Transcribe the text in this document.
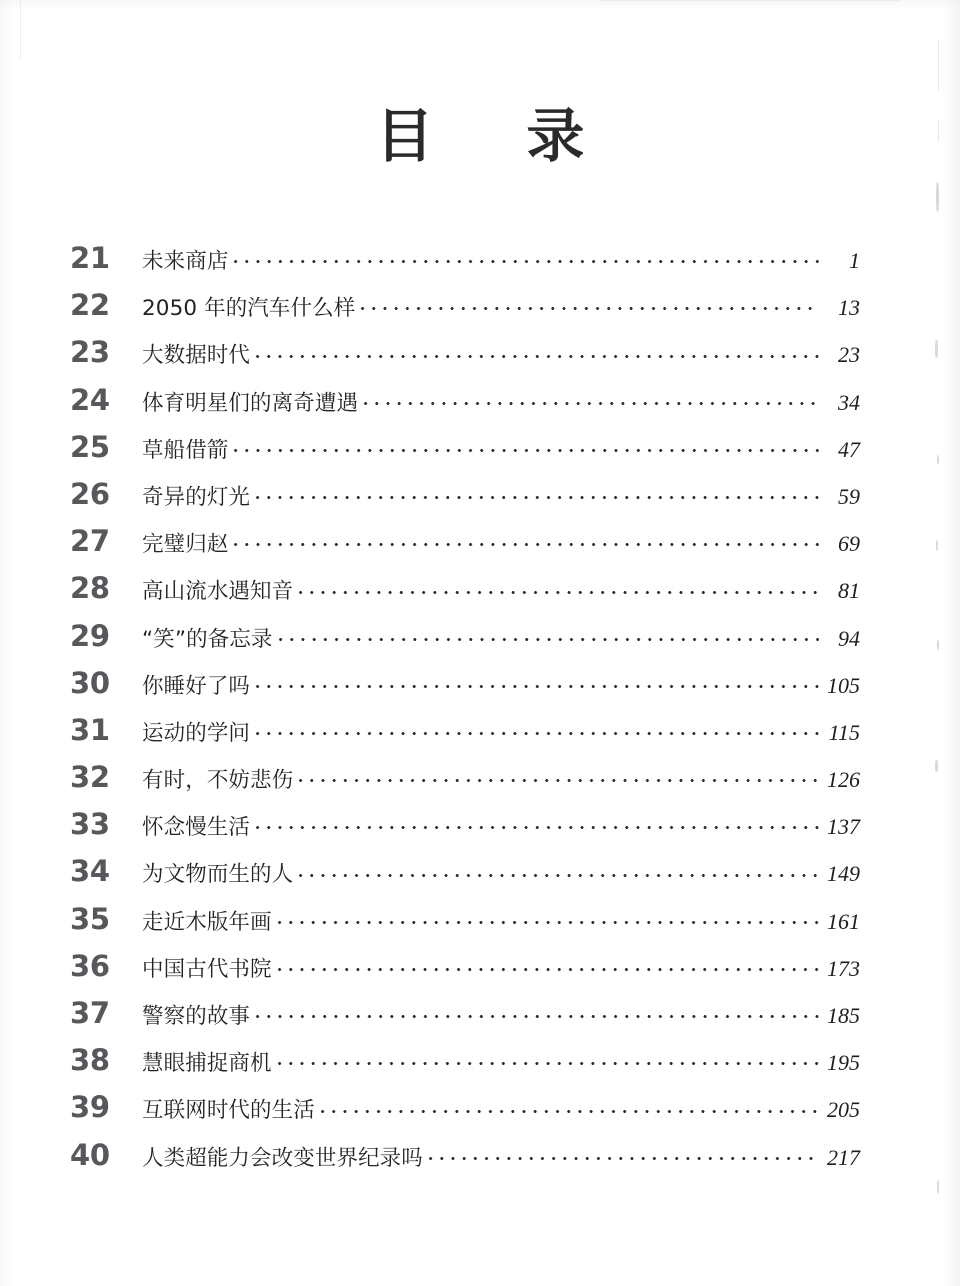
目　录
21	未来商店	1
22	2050 年的汽车什么样	13
23	大数据时代	23
24	体育明星们的离奇遭遇	34
25	草船借箭	47
26	奇异的灯光	59
27	完璧归赵	69
28	高山流水遇知音	81
29	“笑”的备忘录	94
30	你睡好了吗	105
31	运动的学问	115
32	有时，不妨悲伤	126
33	怀念慢生活	137
34	为文物而生的人	149
35	走近木版年画	161
36	中国古代书院	173
37	警察的故事	185
38	慧眼捕捉商机	195
39	互联网时代的生活	205
40	人类超能力会改变世界纪录吗	217
